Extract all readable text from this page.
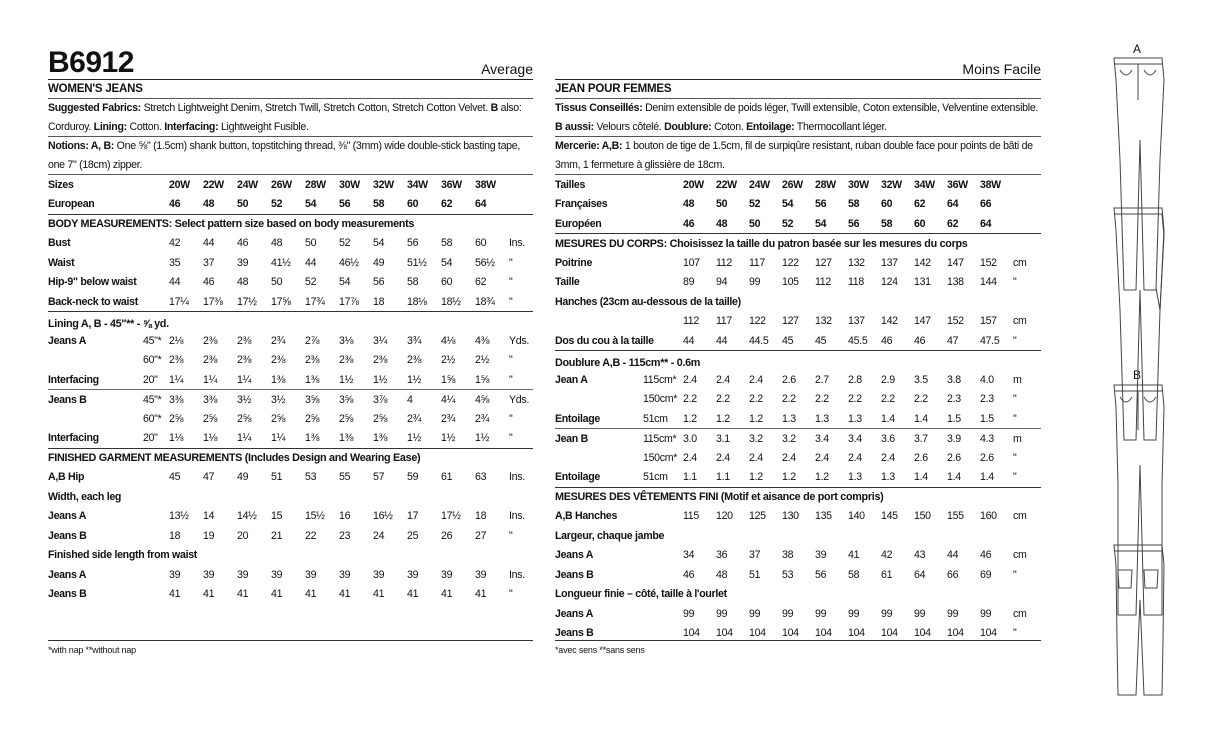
B6912	Average
WOMEN'S JEANS
Suggested Fabrics: Stretch Lightweight Denim, Stretch Twill, Stretch Cotton, Stretch Cotton Velvet. B also: Corduroy. Lining: Cotton. Interfacing: Lightweight Fusible.
Notions: A, B: One ⅝" (1.5cm) shank button, topstitching thread, ⅜" (3mm) wide double-stick basting tape, one 7" (18cm) zipper.
Sizes		20W	22W	24W	26W	28W	30W	32W	34W	36W	38W	
European		46	48	50	52	54	56	58	60	62	64	
BODY MEASUREMENTS: Select pattern size based on body measurements												
Bust		42	44	46	48	50	52	54	56	58	60	Ins.
Waist		35	37	39	41½	44	46½	49	51½	54	56½	"
Hip-9" below waist		44	46	48	50	52	54	56	58	60	62	"
Back-neck to waist		17¼	17⅜	17½	17⅝	17¾	17⅞	18	18⅛	18½	18¾	"
Lining A, B - 45"** - ⅝ yd.												
Jeans A	45"*	2⅛	2⅜	2⅜	2¾	2⅞	3⅛	3¼	3¾	4⅛	4⅜	Yds.
	60"*	2⅜	2⅜	2⅜	2⅜	2⅜	2⅜	2⅜	2⅜	2½	2½	"
Interfacing	20"	1¼	1¼	1¼	1⅜	1⅜	1½	1½	1½	1⅝	1⅝	"
Jeans B	45"*	3⅜	3⅜	3½	3½	3⅝	3⅝	3⅞	4	4¼	4⅝	Yds.
	60"*	2⅝	2⅝	2⅝	2⅝	2⅝	2⅝	2⅝	2¾	2¾	2¾	"
Interfacing	20"	1⅛	1⅛	1¼	1¼	1⅜	1⅜	1⅜	1½	1½	1½	"
FINISHED GARMENT MEASUREMENTS (Includes Design and Wearing Ease)												
A,B Hip		45	47	49	51	53	55	57	59	61	63	Ins.
Width, each leg												
Jeans A		13½	14	14½	15	15½	16	16½	17	17½	18	Ins.
Jeans B		18	19	20	21	22	23	24	25	26	27	"
Finished side length from waist												
Jeans A		39	39	39	39	39	39	39	39	39	39	Ins.
Jeans B		41	41	41	41	41	41	41	41	41	41	"
Moins Facile
JEAN POUR FEMMES
Tissus Conseillés: Denim extensible de poids léger, Twill extensible, Coton extensible, Velventine extensible. B aussi: Velours côtelé. Doublure: Coton. Entoilage: Thermocollant léger.
Mercerie: A,B: 1 bouton de tige de 1.5cm, fil de surpiqûre resistant, ruban double face pour points de bâti de 3mm, 1 fermeture à glissière de 18cm.
Tailles		20W	22W	24W	26W	28W	30W	32W	34W	36W	38W	
Françaises		48	50	52	54	56	58	60	62	64	66	
Européen		46	48	50	52	54	56	58	60	62	64	
MESURES DU CORPS: Choisissez la taille du patron basée sur les mesures du corps												
Poitrine		107	112	117	122	127	132	137	142	147	152	cm
Taille		89	94	99	105	112	118	124	131	138	144	"
Hanches (23cm au-dessous de la taille)												
		112	117	122	127	132	137	142	147	152	157	cm
Dos du cou à la taille		44	44	44.5	45	45	45.5	46	46	47	47.5	"
Doublure A,B - 115cm** - 0.6m												
Jean A	115cm*	2.4	2.4	2.4	2.6	2.7	2.8	2.9	3.5	3.8	4.0	m
	150cm*	2.2	2.2	2.2	2.2	2.2	2.2	2.2	2.2	2.3	2.3	"
Entoilage	51cm	1.2	1.2	1.2	1.3	1.3	1.3	1.4	1.4	1.5	1.5	"
Jean B	115cm*	3.0	3.1	3.2	3.2	3.4	3.4	3.6	3.7	3.9	4.3	m
	150cm*	2.4	2.4	2.4	2.4	2.4	2.4	2.4	2.6	2.6	2.6	"
Entoilage	51cm	1.1	1.1	1.2	1.2	1.2	1.3	1.3	1.4	1.4	1.4	"
MESURES DES VÊTEMENTS FINI (Motif et aisance de port compris)												
A,B Hanches		115	120	125	130	135	140	145	150	155	160	cm
Largeur, chaque jambe												
Jeans A		34	36	37	38	39	41	42	43	44	46	cm
Jeans B		46	48	51	53	56	58	61	64	66	69	"
Longueur finie – côté, taille à l'ourlet												
Jeans A		99	99	99	99	99	99	99	99	99	99	cm
Jeans B		104	104	104	104	104	104	104	104	104	104	"
*with nap **without nap	*avec sens **sans sens
A
B
